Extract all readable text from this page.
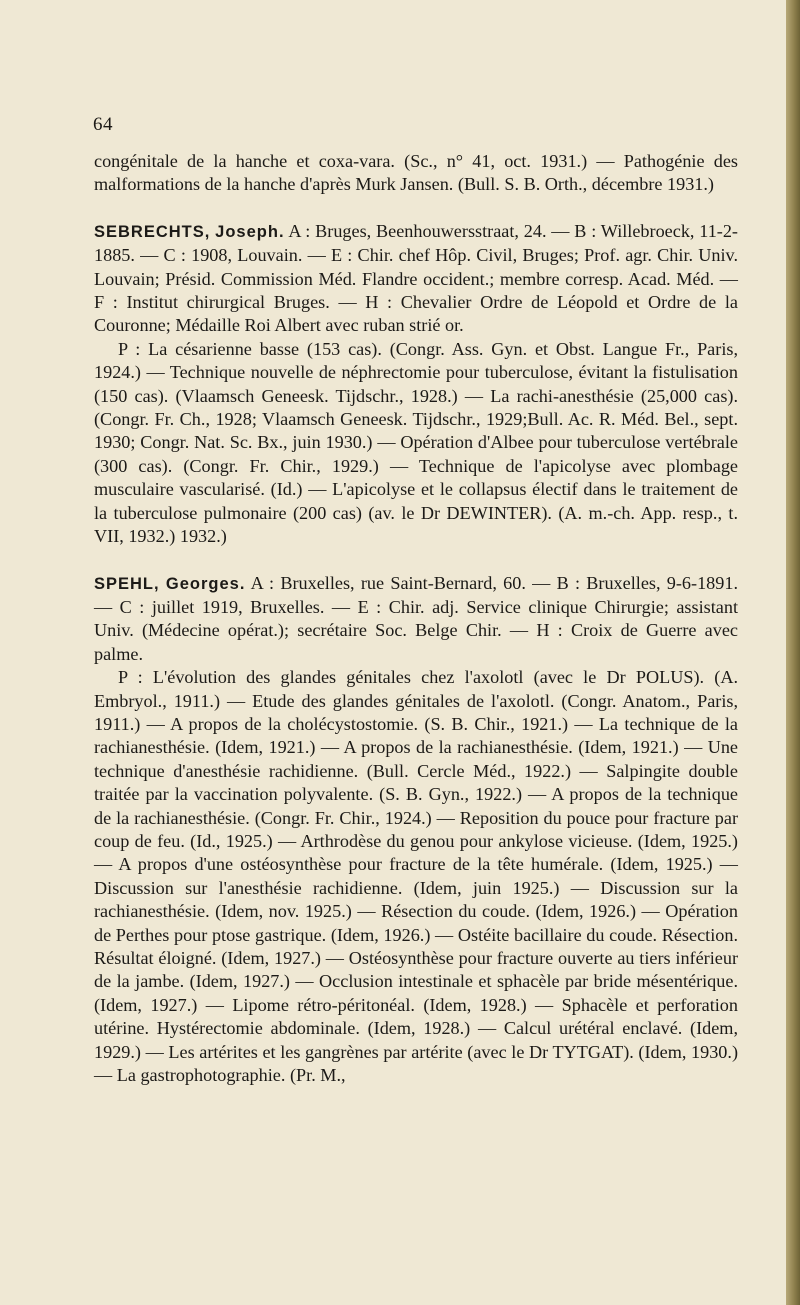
64

congénitale de la hanche et coxa-vara. (Sc., n° 41, oct. 1931.) — Pathogénie des malformations de la hanche d'après Murk Jansen. (Bull. S. B. Orth., décembre 1931.)

SEBRECHTS, Joseph. A : Bruges, Beenhouwersstraat, 24. — B : Willebroeck, 11-2-1885. — C : 1908, Louvain. — E : Chir. chef Hôp. Civil, Bruges; Prof. agr. Chir. Univ. Louvain; Présid. Commission Méd. Flandre occident.; membre corresp. Acad. Méd. — F : Institut chirurgical Bruges. — H : Chevalier Ordre de Léopold et Ordre de la Couronne; Médaille Roi Albert avec ruban strié or.

P : La césarienne basse (153 cas). (Congr. Ass. Gyn. et Obst. Langue Fr., Paris, 1924.) — Technique nouvelle de néphrectomie pour tuberculose, évitant la fistulisation (150 cas). (Vlaamsch Geneesk. Tijdschr., 1928.) — La rachi-anesthésie (25,000 cas). (Congr. Fr. Ch., 1928; Vlaamsch Geneesk. Tijdschr., 1929;Bull. Ac. R. Méd. Bel., sept. 1930; Congr. Nat. Sc. Bx., juin 1930.) — Opération d'Albee pour tuberculose vertébrale (300 cas). (Congr. Fr. Chir., 1929.) — Technique de l'apicolyse avec plombage musculaire vascularisé. (Id.) — L'apicolyse et le collapsus électif dans le traitement de la tuberculose pulmonaire (200 cas) (av. le Dr DEWINTER). (A. m.-ch. App. resp., t. VII, 1932.) 1932.)

SPEHL, Georges. A : Bruxelles, rue Saint-Bernard, 60. — B : Bruxelles, 9-6-1891. — C : juillet 1919, Bruxelles. — E : Chir. adj. Service clinique Chirurgie; assistant Univ. (Médecine opérat.); secrétaire Soc. Belge Chir. — H : Croix de Guerre avec palme.

P : L'évolution des glandes génitales chez l'axolotl (avec le Dr POLUS). (A. Embryol., 1911.) — Etude des glandes génitales de l'axolotl. (Congr. Anatom., Paris, 1911.) — A propos de la cholécystostomie. (S. B. Chir., 1921.) — La technique de la rachianesthésie. (Idem, 1921.) — A propos de la rachianesthésie. (Idem, 1921.) — Une technique d'anesthésie rachidienne. (Bull. Cercle Méd., 1922.) — Salpingite double traitée par la vaccination polyvalente. (S. B. Gyn., 1922.) — A propos de la technique de la rachianesthésie. (Congr. Fr. Chir., 1924.) — Reposition du pouce pour fracture par coup de feu. (Id., 1925.) — Arthrodèse du genou pour ankylose vicieuse. (Idem, 1925.) — A propos d'une ostéosynthèse pour fracture de la tête humérale. (Idem, 1925.) — Discussion sur l'anesthésie rachidienne. (Idem, juin 1925.) — Discussion sur la rachianesthésie. (Idem, nov. 1925.) — Résection du coude. (Idem, 1926.) — Opération de Perthes pour ptose gastrique. (Idem, 1926.) — Ostéite bacillaire du coude. Résection. Résultat éloigné. (Idem, 1927.) — Ostéosynthèse pour fracture ouverte au tiers inférieur de la jambe. (Idem, 1927.) — Occlusion intestinale et sphacèle par bride mésentérique. (Idem, 1927.) — Lipome rétro-péritonéal. (Idem, 1928.) — Sphacèle et perforation utérine. Hystérectomie abdominale. (Idem, 1928.) — Calcul urétéral enclavé. (Idem, 1929.) — Les artérites et les gangrènes par artérite (avec le Dr TYTGAT). (Idem, 1930.) — La gastrophotographie. (Pr. M.,
